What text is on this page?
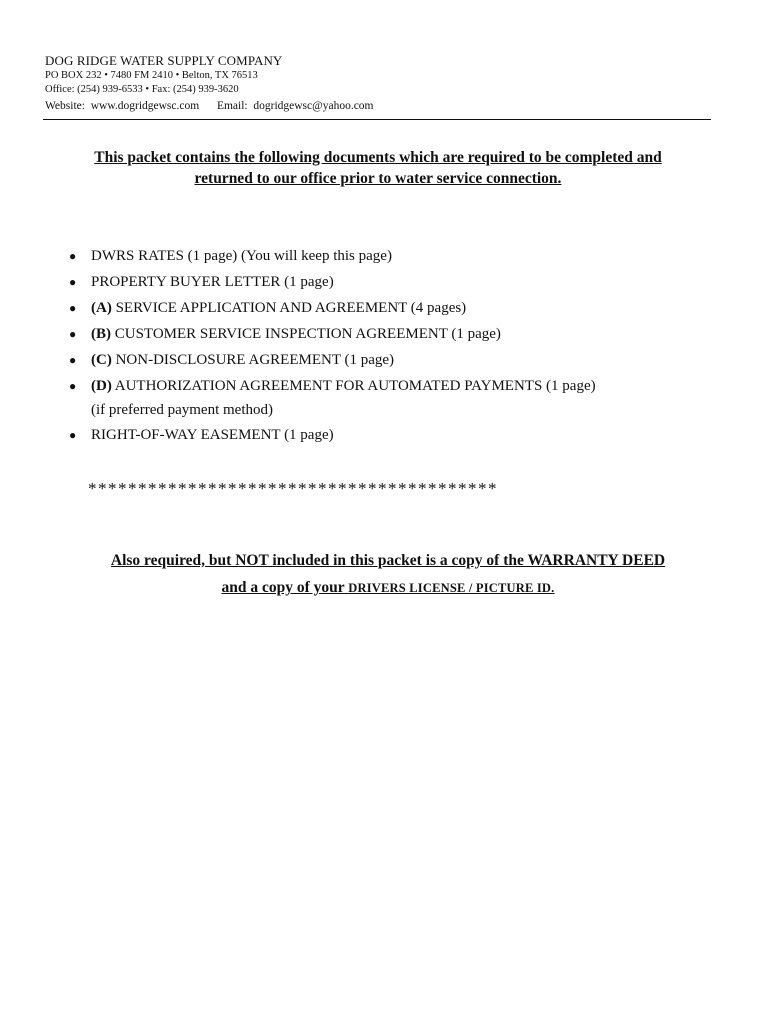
DOG RIDGE WATER SUPPLY COMPANY
PO BOX 232 • 7480 FM 2410 • Belton, TX 76513
Office: (254) 939-6533 • Fax: (254) 939-3620
Website: www.dogridgewsc.com Email: dogridgewsc@yahoo.com
This packet contains the following documents which are required to be completed and
returned to our office prior to water service connection.
● DWRS RATES (1 page) (You will keep this page)
● PROPERTY BUYER LETTER (1 page)
● (A) SERVICE APPLICATION AND AGREEMENT (4 pages)
● (B) CUSTOMER SERVICE INSPECTION AGREEMENT (1 page)
● (C) NON-DISCLOSURE AGREEMENT (1 page)
● (D) AUTHORIZATION AGREEMENT FOR AUTOMATED PAYMENTS (1 page)
(if preferred payment method)
● RIGHT-OF-WAY EASEMENT (1 page)
*****************************************
Also required, but NOT included in this packet is a copy of the WARRANTY DEED
and a copy of your DRIVERS LICENSE / PICTURE ID.
